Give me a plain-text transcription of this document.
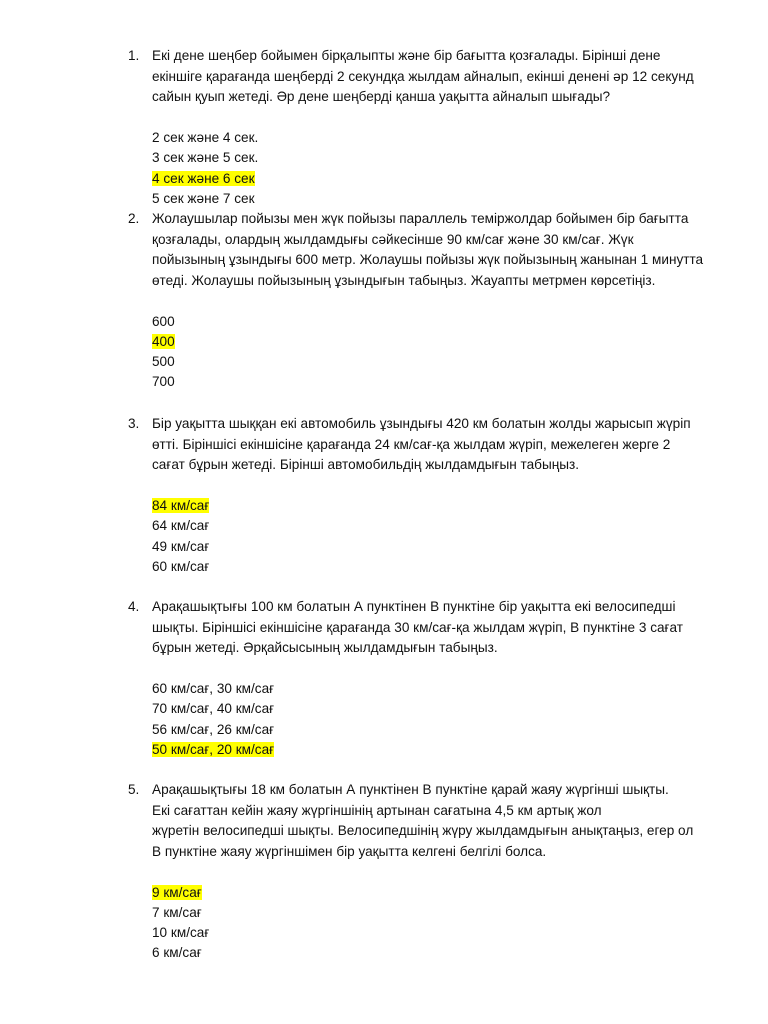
1. Екі дене шеңбер бойымен бірқалыпты және бір бағытта қозғалады. Бірінші дене
екіншіге қарағанда шеңберді 2 секундқа жылдам айналып, екінші денені әр 12 секунд
сайын қуып жетеді. Әр дене шеңберді қанша уақытта айналып шығады?
2 сек және 4 сек.
3 сек және 5 сек.
4 сек және 6 сек
5 сек және 7 сек
2. Жолаушылар пойызы мен жүк пойызы параллель теміржолдар бойымен бір бағытта
қозғалады, олардың жылдамдығы сәйкесінше 90 км/сағ және 30 км/сағ. Жүк
пойызының ұзындығы 600 метр. Жолаушы пойызы жүк пойызының жанынан 1 минутта
өтеді. Жолаушы пойызының ұзындығын табыңыз. Жауапты метрмен көрсетіңіз.
600
400
500
700
3. Бір уақытта шыққан екі автомобиль ұзындығы 420 км болатын жолды жарысып жүріп
өтті. Біріншісі екіншісіне қарағанда 24 км/сағ-қа жылдам жүріп, межелеген жерге 2
сағат бұрын жетеді. Бірінші автомобильдің жылдамдығын табыңыз.
84 км/сағ
64 км/сағ
49 км/сағ
60 км/сағ
4. Арақашықтығы 100 км болатын А пунктінен В пунктіне бір уақытта екі велосипедші
шықты. Біріншісі екіншісіне қарағанда 30 км/сағ-қа жылдам жүріп, В пунктіне 3 сағат
бұрын жетеді. Әрқайсысының жылдамдығын табыңыз.
60 км/сағ, 30 км/сағ
70 км/сағ, 40 км/сағ
56 км/сағ, 26 км/сағ
50 км/сағ, 20 км/сағ
5. Арақашықтығы 18 км болатын А пунктінен В пунктіне қарай жаяу жүргінші шықты.
Екі сағаттан кейін жаяу жүргіншінің артынан сағатына 4,5 км артық жол
жүретін велосипедші шықты. Велосипедшінің жүру жылдамдығын анықтаңыз, егер ол
В пунктіне жаяу жүргіншімен бір уақытта келгені белгілі болса.
9 км/сағ
7 км/сағ
10 км/сағ
6 км/сағ
